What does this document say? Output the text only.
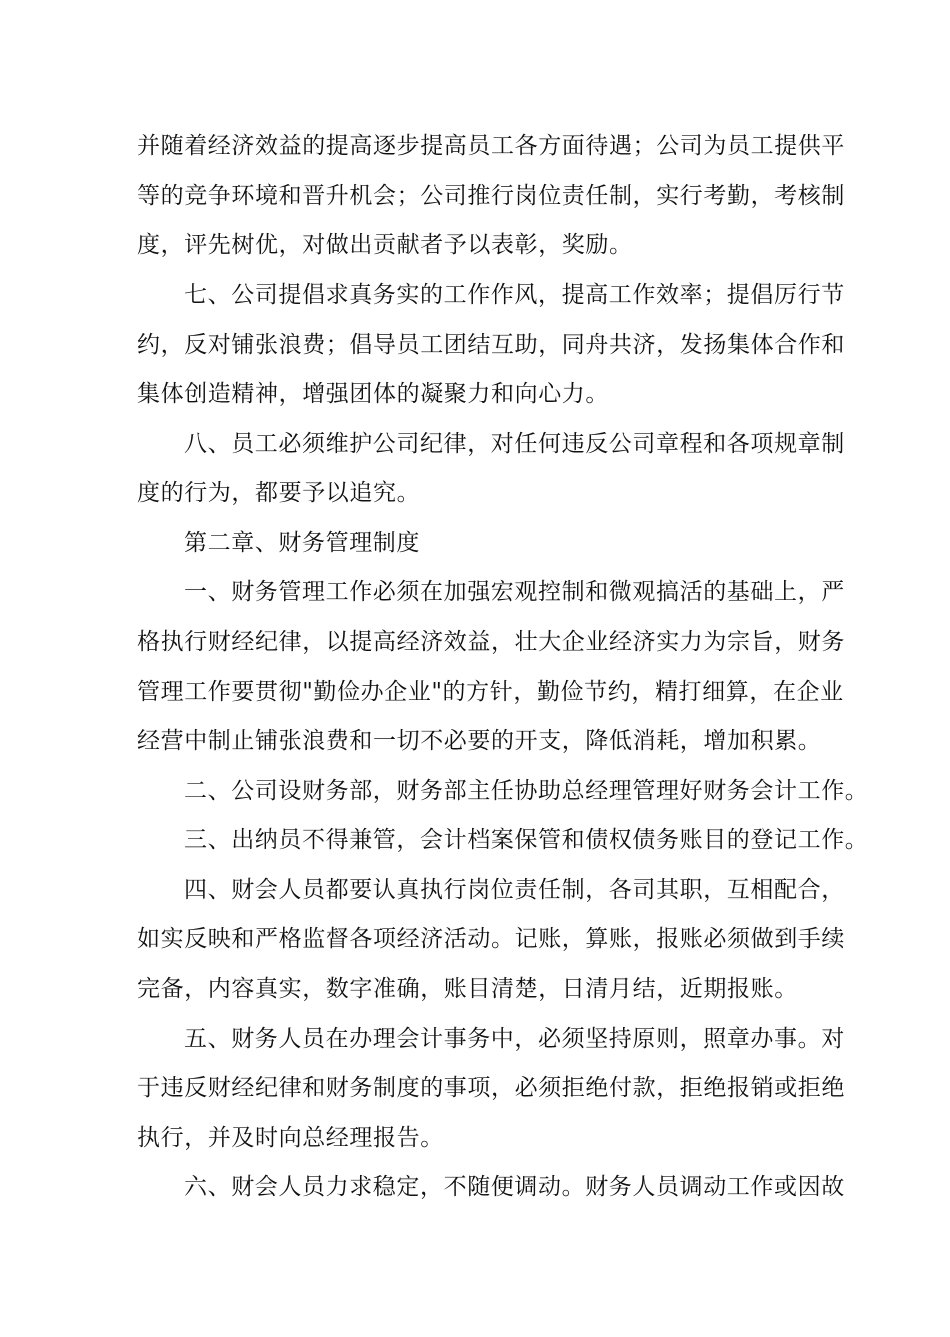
并随着经济效益的提高逐步提高员工各方面待遇；公司为员工提供平
等的竞争环境和晋升机会；公司推行岗位责任制，实行考勤，考核制
度，评先树优，对做出贡献者予以表彰，奖励。
七、公司提倡求真务实的工作作风，提高工作效率；提倡厉行节
约，反对铺张浪费；倡导员工团结互助，同舟共济，发扬集体合作和
集体创造精神，增强团体的凝聚力和向心力。
八、员工必须维护公司纪律，对任何违反公司章程和各项规章制
度的行为，都要予以追究。
第二章、财务管理制度
一、财务管理工作必须在加强宏观控制和微观搞活的基础上，严
格执行财经纪律，以提高经济效益，壮大企业经济实力为宗旨，财务
管理工作要贯彻"勤俭办企业"的方针，勤俭节约，精打细算，在企业
经营中制止铺张浪费和一切不必要的开支，降低消耗，增加积累。
二、公司设财务部，财务部主任协助总经理管理好财务会计工作。
三、出纳员不得兼管，会计档案保管和债权债务账目的登记工作。
四、财会人员都要认真执行岗位责任制，各司其职，互相配合，
如实反映和严格监督各项经济活动。记账，算账，报账必须做到手续
完备，内容真实，数字准确，账目清楚，日清月结，近期报账。
五、财务人员在办理会计事务中，必须坚持原则，照章办事。对
于违反财经纪律和财务制度的事项，必须拒绝付款，拒绝报销或拒绝
执行，并及时向总经理报告。
六、财会人员力求稳定，不随便调动。财务人员调动工作或因故
